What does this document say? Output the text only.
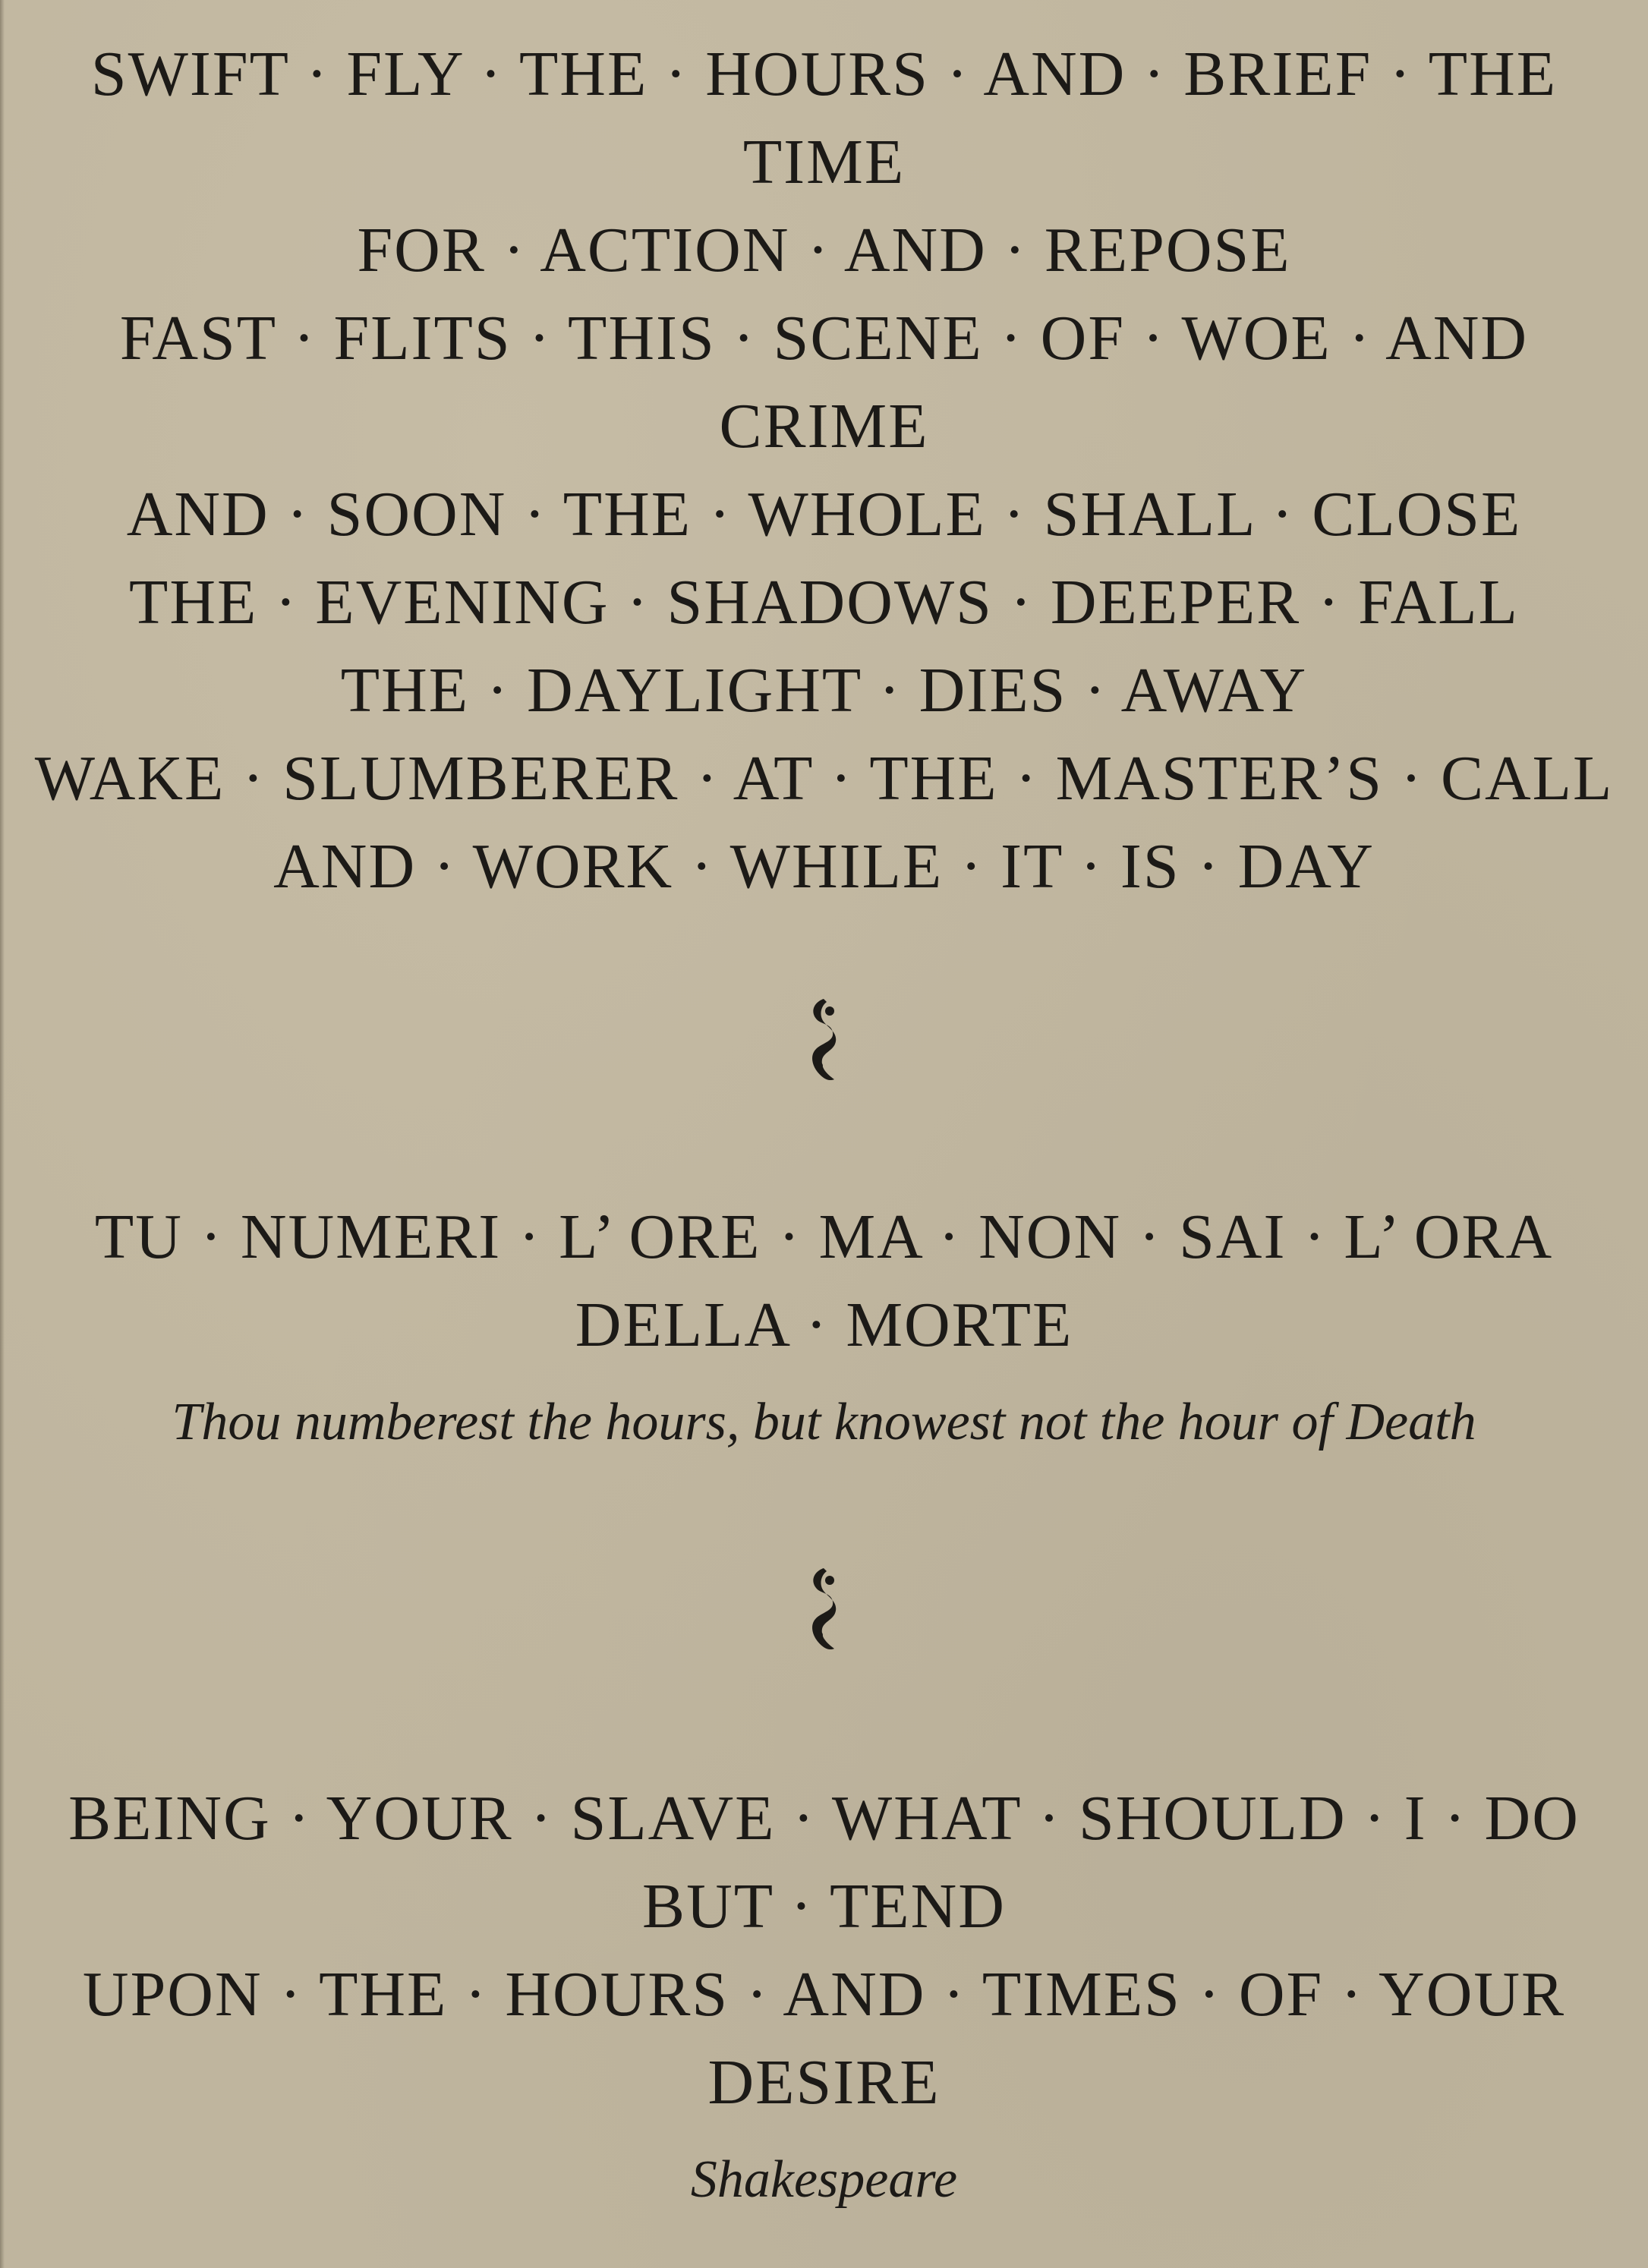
SWIFT · FLY · THE · HOURS · AND · BRIEF · THE TIME
FOR · ACTION · AND · REPOSE
FAST · FLITS · THIS · SCENE · OF · WOE · AND CRIME
AND · SOON · THE · WHOLE · SHALL · CLOSE
THE · EVENING · SHADOWS · DEEPER · FALL
THE · DAYLIGHT · DIES · AWAY
WAKE · SLUMBERER · AT · THE · MASTER’S · CALL
AND · WORK · WHILE · IT · IS · DAY
TU · NUMERI · L’ ORE · MA · NON · SAI · L’ ORA DELLA · MORTE
Thou numberest the hours, but knowest not the hour of Death
BEING · YOUR · SLAVE · WHAT · SHOULD · I · DO BUT · TEND
UPON · THE · HOURS · AND · TIMES · OF · YOUR DESIRE
Shakespeare
